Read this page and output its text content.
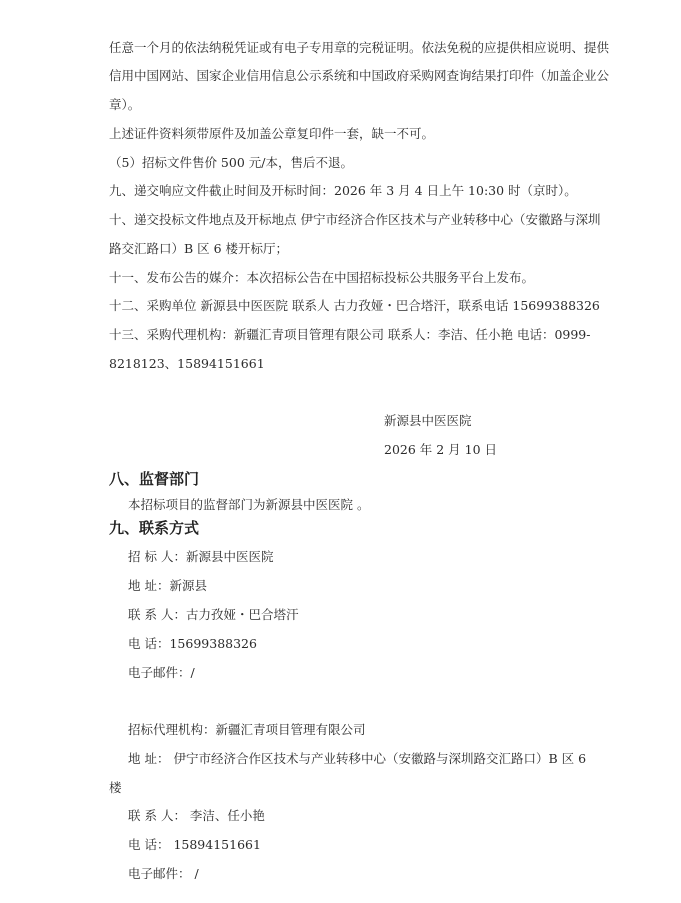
任意一个月的依法纳税凭证或有电子专用章的完税证明。依法免税的应提供相应说明、提供
信用中国网站、国家企业信用信息公示系统和中国政府采购网查询结果打印件（加盖企业公
章）。
上述证件资料须带原件及加盖公章复印件一套，缺一不可。
（5）招标文件售价 500 元/本，售后不退。
九、递交响应文件截止时间及开标时间：2026 年 3 月 4 日上午 10:30 时（京时）。
十、递交投标文件地点及开标地点 伊宁市经济合作区技术与产业转移中心（安徽路与深圳
路交汇路口）B 区 6 楼开标厅；
十一、发布公告的媒介：本次招标公告在中国招标投标公共服务平台上发布。
十二、采购单位 新源县中医医院 联系人 古力孜娅・巴合塔汗，联系电话 15699388326
十三、采购代理机构：新疆汇青项目管理有限公司 联系人：李洁、任小艳 电话：0999-
8218123、15894151661
新源县中医医院
2026 年 2 月 10 日
八、监督部门
本招标项目的监督部门为新源县中医医院 。
九、联系方式
招 标 人：新源县中医医院
地 址：新源县
联 系 人：古力孜娅・巴合塔汗
电 话：15699388326
电子邮件：/
招标代理机构：新疆汇青项目管理有限公司
地 址： 伊宁市经济合作区技术与产业转移中心（安徽路与深圳路交汇路口）B 区 6
楼
联 系 人： 李洁、任小艳
电 话： 15894151661
电子邮件： /
